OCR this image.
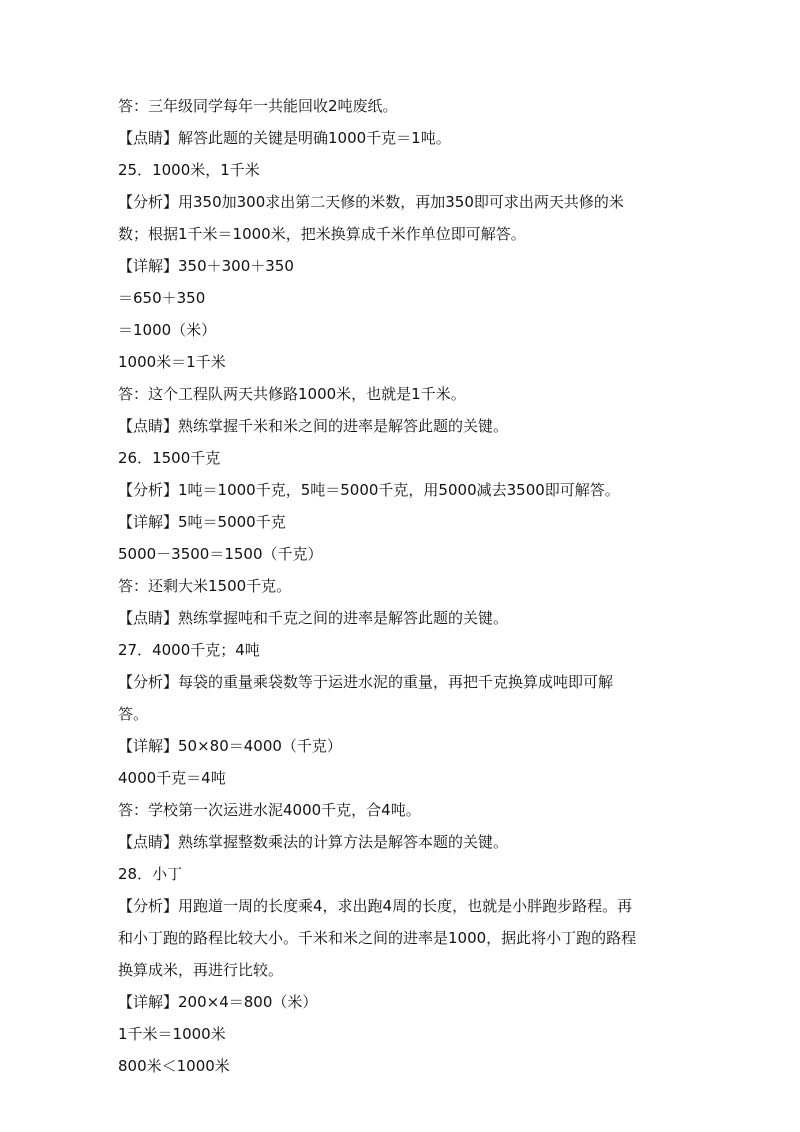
答：三年级同学每年一共能回收2吨废纸。
【点睛】解答此题的关键是明确1000千克＝1吨。
25．1000米，1千米
【分析】用350加300求出第二天修的米数，再加350即可求出两天共修的米
数；根据1千米＝1000米，把米换算成千米作单位即可解答。
【详解】350＋300＋350
＝650＋350
＝1000（米）
1000米＝1千米
答：这个工程队两天共修路1000米，也就是1千米。
【点睛】熟练掌握千米和米之间的进率是解答此题的关键。
26．1500千克
【分析】1吨＝1000千克，5吨＝5000千克，用5000减去3500即可解答。
【详解】5吨＝5000千克
5000－3500＝1500（千克）
答：还剩大米1500千克。
【点睛】熟练掌握吨和千克之间的进率是解答此题的关键。
27．4000千克；4吨
【分析】每袋的重量乘袋数等于运进水泥的重量，再把千克换算成吨即可解
答。
【详解】50×80＝4000（千克）
4000千克＝4吨
答：学校第一次运进水泥4000千克，合4吨。
【点睛】熟练掌握整数乘法的计算方法是解答本题的关键。
28．小丁
【分析】用跑道一周的长度乘4，求出跑4周的长度，也就是小胖跑步路程。再
和小丁跑的路程比较大小。千米和米之间的进率是1000，据此将小丁跑的路程
换算成米，再进行比较。
【详解】200×4＝800（米）
1千米＝1000米
800米＜1000米
